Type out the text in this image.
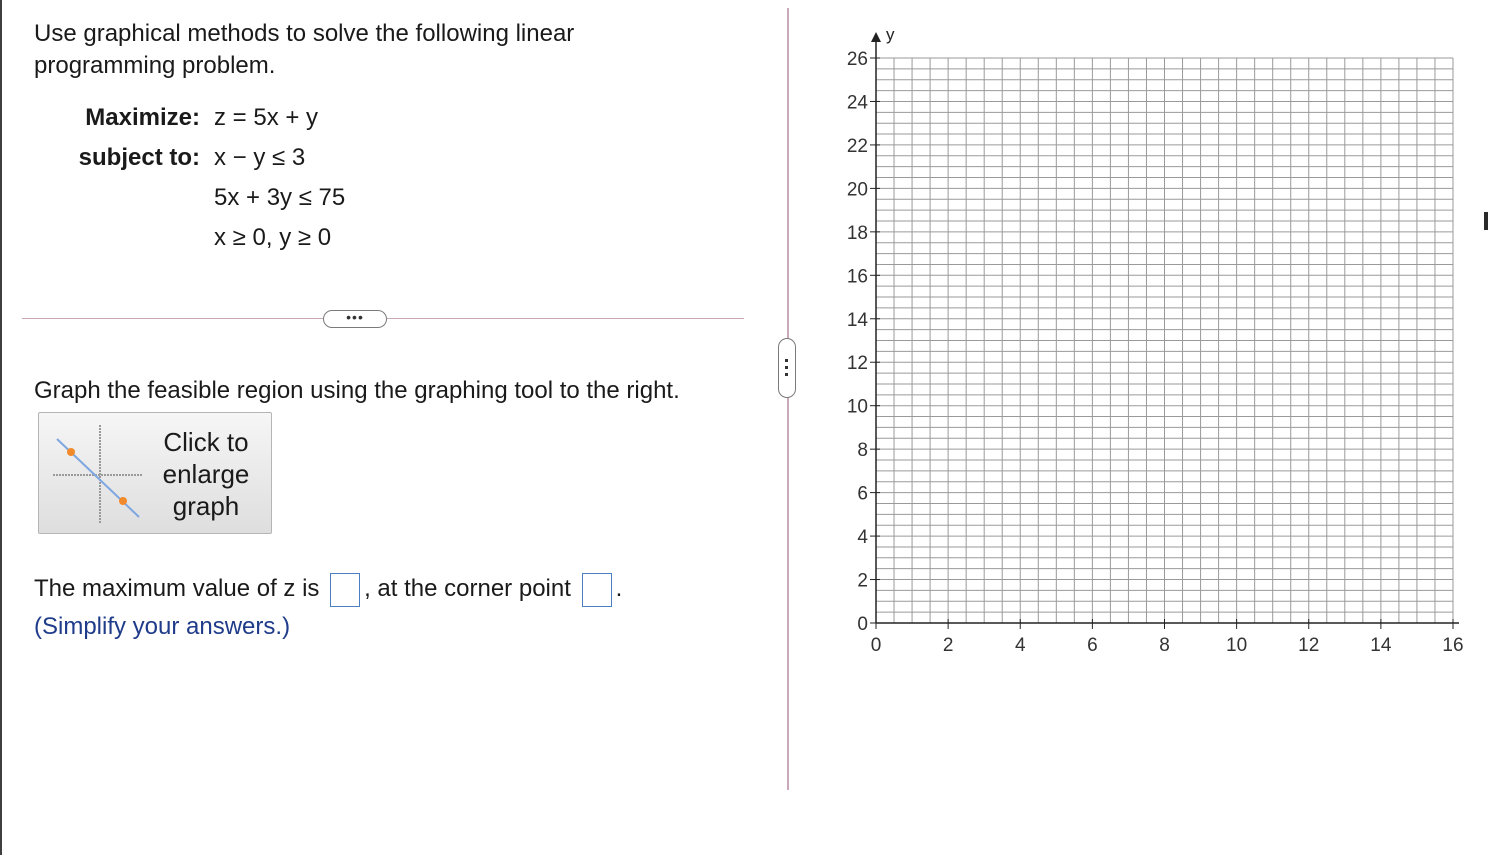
Use graphical methods to solve the following linear
programming problem.
Maximize: z = 5x + y
subject to: x − y ≤ 3
5x + 3y ≤ 75
x ≥ 0, y ≥ 0
•••
Graph the feasible region using the graphing tool to the right.
Click to
enlarge
graph
The maximum value of z is , at the corner point .
(Simplify your answers.)
y
0	2	4	6	8	10	12	14	16
0
2
4
6
8
10
12
14
16
18
20
22
24
26
